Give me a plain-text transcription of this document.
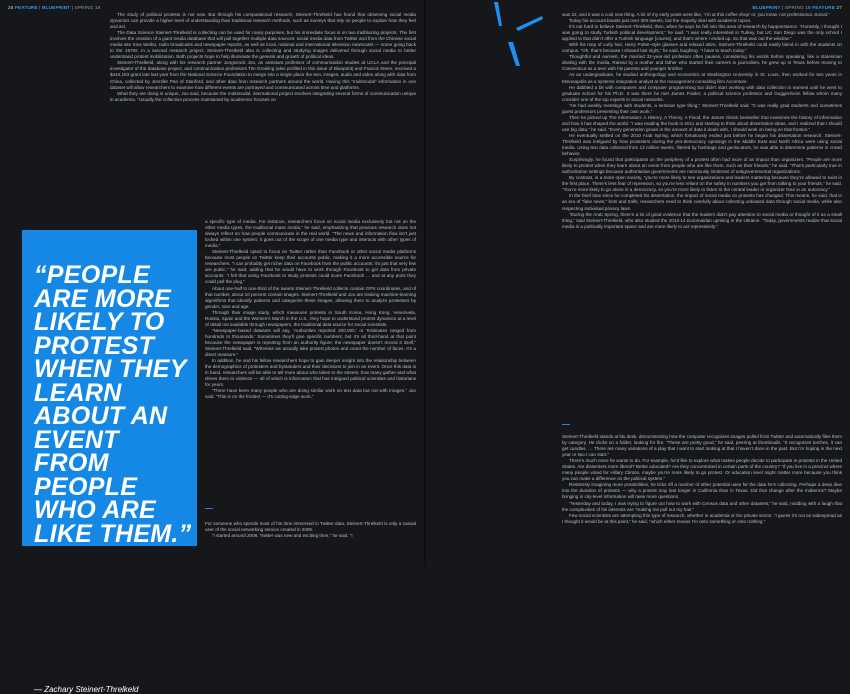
26 FEATURE | BLUEPRINT | SPRING 19

The study of political protests is not new. But through his computational research, Steinert-Threlkeld has found that observing social media dynamics can provide a higher level of understanding than traditional research methods, such as surveys that rely on people to explain how they feel and act.

The Data Science Steinert-Threlkeld is collecting can be used for many purposes, but his immediate focus is on two trailblazing projects. The first involves the creation of a giant media database that will pull together multiple data sources: social media data from Twitter and from the Chinese social media site Sina Weibo, radio broadcasts and newspaper reports, as well as local, national and international television newscasts — some going back to the 1970s. In a second research project, Steinert-Threlkeld also is collecting and studying images delivered through social media to better understand protest mobilization. Both projects hope to help illuminate the genesis and growth of political ideas.

Steinert-Threlkeld, along with his research partner Jungseock Joo, an assistant professor of communication studies at UCLA and the principal investigator of the database project, and communication professors Tim Groeling (also profiled in this issue of Blueprint) and Francis Steen, received a $444,183 grant late last year from the National Science Foundation to merge into a single place the text, images, audio and video along with data from China, collected by Jennifer Pan of Stanford, and other data from research partners around the world. Having this “multimodal” information in one dataset will allow researchers to examine how different events are portrayed and communicated across time and platforms.

What they are doing is unique, Joo said, because the multimodal, international project involves integrating several forms of communication unique in academia. “Usually the collection process maintained by academics focuses on

a specific type of media. For instance, researchers focus on social media exclusively but not on the other media types, the traditional mass media,” he said, emphasizing that previous research does not always reflect on how people communicate in the real world. “The news and information flow isn’t just locked within one system; it goes out of the scope of one media type and interacts with other types of media.”

Steinert-Threlkeld opted to focus on Twitter rather than Facebook or other social media platforms because most people on Twitter keep their accounts public, making it a more accessible source for researchers. “I can probably get richer data on Facebook from the public accounts; it’s just that very few are public,” he said, adding that he would have to work through Facebook to get data from private accounts. “I felt that using Facebook to study protests could scare Facebook … and at any point they could pull the plug.”

About one-half to one-third of the tweets Steinert-Threlkeld collects contain GPS coordinates, and of that number, about 10 percent contain images. Steinert-Threlkeld and Joo are training machine-learning algorithms that identify patterns and categorize these images, allowing them to analyze protesters by gender, race and age.

Through their image study, which measures protests in South Korea, Hong Kong, Venezuela, Russia, Spain and the Women’s March in the U.S., they hope to understand protest dynamics at a level of detail not available through newspapers, the traditional data source for social scientists.

“Newspaper-based datasets will say, ‘Authorities reported 200,000,’ or ‘Estimates ranged from hundreds to thousands.’ Sometimes they’ll give specific numbers, but it’s all third-hand at that point because the newspaper is reporting from an authority figure; the newspaper doesn’t record it itself,” Steinert-Threlkeld said. “Whereas we actually take protest photos and count the number of faces. It’s a direct measure.”

In addition, he and his fellow researchers hope to gain deeper insight into the relationship between the demographics of protesters and bystanders and their decisions to join in an event. Once this data is in hand, researchers will be able to tell more about who takes to the streets, how many gather and what drives them to violence — all of which is information that has intrigued political scientists and historians for years.

“There have been many people who are doing similar work on text data but not with images,” Joo said. “This is on the frontier — it’s cutting-edge work.”

For someone who spends most of his time immersed in Twitter data, Steinert-Threlkeld is only a casual user of the social networking service created in 2006.

“I started around 2008. Twitter was new and exciting then,” he said. “I

“PEOPLE ARE MORE LIKELY TO PROTEST WHEN THEY LEARN ABOUT AN EVENT FROM PEOPLE WHO ARE LIKE THEM.”
— Zachary Steinert-Threlkeld
BLUEPRINT | SPRING 19 FEATURE 27

was 22, and it was a cool new thing. A lot of my early posts were like, ‘I’m at this coffee shop’ or, you know, not professional. Social.”

Today his account boasts just over 300 tweets, but the majority deal with academic topics.

It’s not hard to believe Steinert-Threlkeld, then, when he says he fell into this area of research by happenstance. “Honestly, I thought I was going to study Turkish political development,” he said. “I was really interested in Turkey, but UC San Diego was the only school I applied to that didn’t offer a Turkish language [course], and that’s where I ended up. So that was out the window.”

With his mop of curly hair, Harry Potter-style glasses and relaxed attire, Steinert-Threlkeld could easily blend in with the students on campus. “Oh, that’s because I shaved last night,” he said, laughing. “I have to teach today.”

Thoughtful and earnest, the married 32-year-old professor often pauses, considering his words before speaking, like a statesman dealing with the media. Raised by a mother and father who started their careers in journalism, he grew up in Texas before moving to Connecticut as a teen with his parents and younger brother.

As an undergraduate, he studied anthropology and economics at Washington University in St. Louis, then worked for two years in Minneapolis as a systems integration analyst at the management consulting firm Accenture.

He dabbled a bit with computers and computer programming but didn’t start working with data collection in earnest until he went to graduate school for his Ph.D. It was there he met James Fowler, a political science professor and Guggenheim fellow whom many consider one of the top experts in social networks.

“He had weekly meetings with students, a seminar type thing,” Steinert-Threlkeld said. “It was really grad students and sometimes guest professors presenting their own work.”

Then he picked up The Information: A History, A Theory, A Flood, the James Gleick bestseller that examines the history of information and how it has shaped the world. “I was reading the book in 2011 and starting to think about dissertation ideas, and I realized that I should use big data,” he said. “Every generation grows in the amount of data it deals with, I should work on being on that frontier.”

He eventually settled on the 2010 Arab Spring, which fortuitously ended just before he began his dissertation research. Steinert-Threlkeld was intrigued by how protesters during the pro-democracy uprisings in the Middle East and North Africa were using social media. Using text data collected from 13 million tweets, filtered by hashtags and geolocators, he was able to determine patterns in crowd behavior.

Surprisingly, he found that participants on the periphery of a protest often had more of an impact than organizers. “People are more likely to protest when they learn about an event from people who are like them, such as their friends,” he said. “That’s particularly true in authoritarian settings because authoritarian governments are notoriously intolerant of antigovernmental organizations.

By contrast, in a more open society, “you’re more likely to see organizations and leaders mattering because they’re allowed to exist in the first place. There’s less fear of repression, so you’re less reliant on the safety in numbers you get from talking to your friends,” he said. “You’re more likely to go alone in a democracy, so you’re more likely to listen to the central leader or organizer than in an autocracy.”

In the brief time since he completed his dissertation, the impact of social media on protests has changed. This means, he said, that in an era of “fake news,” bots and trolls, researchers need to think carefully about collecting unbiased data through social media, while also respecting individual privacy laws.

“During the Arab Spring, there’s a lot of good evidence that the leaders didn’t pay attention to social media or thought of it as a small thing,” said Steinert-Threlkeld, who also studied the 2013-14 Euromaidan uprising in the Ukraine. “Today, governments realize that social media is a politically important space and are more likely to act repressively.”

Steinert-Threlkeld stands at his desk, demonstrating how the computer recognizes images pulled from Twitter and automatically files them by category. He clicks on a folder, looking for fire. “These are pretty good,” he said, peering at thumbnails. “It recognizes torches, it can get candles. … There are many variations of a play that I want to start looking at that I haven’t done in the past. But I’m hoping in the next year or two I can start.”

There’s much more he wants to do. For example, he’d like to explore what makes people decide to participate in protests in the United States. Are dissenters more liberal? Better educated? Are they concentrated in certain parts of the country? “If you live in a precinct where many people voted for Hillary Clinton, maybe you’re more likely to go protest. Or education level might matter more because you think you can make a difference on the political system.”

Restlessly imagining more possibilities, he ticks off a number of other potential uses for the data he’s collecting. Perhaps a deep dive into the duration of protests — why a protest may last longer in California than in Texas. Did that change after the midterms? Maybe bringing in city-level information will raise more questions.

“Yesterday and today, I was trying to figure out how to work with Census data and other datasets,” he said, nodding with a laugh that the complexities of his interests are “making me pull out my hair.”

Few social scientists are attempting this type of research, whether in academia or the private sector. “I guess it’s not as widespread as I thought it would be at this point,” he said, “which either means I’m onto something or onto nothing.”
